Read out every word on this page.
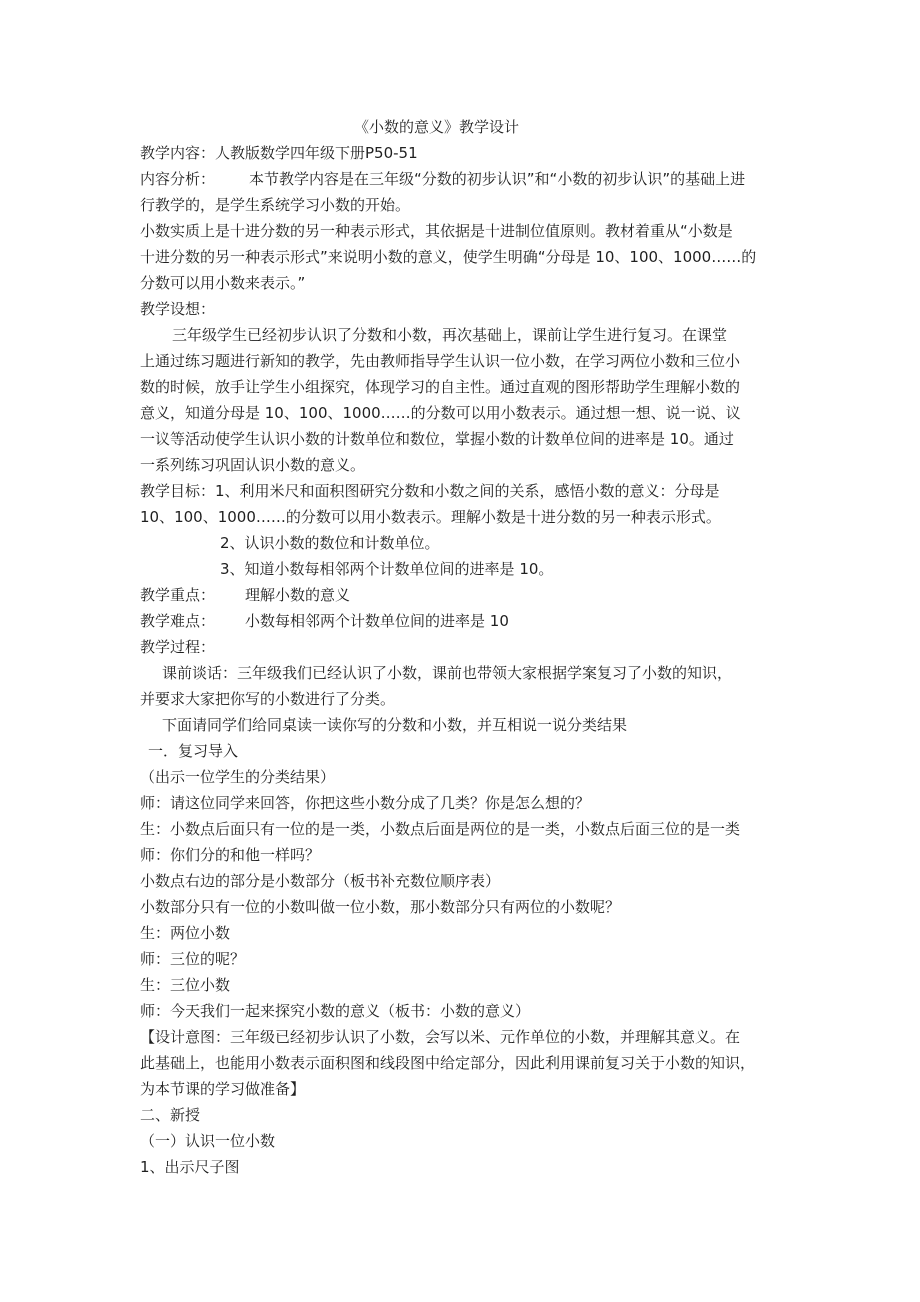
《小数的意义》教学设计
教学内容：人教版数学四年级下册P50-51
内容分析： 本节教学内容是在三年级“分数的初步认识”和“小数的初步认识”的基础上进
行教学的，是学生系统学习小数的开始。
小数实质上是十进分数的另一种表示形式，其依据是十进制位值原则。教材着重从“小数是
十进分数的另一种表示形式”来说明小数的意义，使学生明确“分母是 10、100、1000……的
分数可以用小数来表示。”
教学设想：
三年级学生已经初步认识了分数和小数，再次基础上，课前让学生进行复习。在课堂
上通过练习题进行新知的教学，先由教师指导学生认识一位小数，在学习两位小数和三位小
数的时候，放手让学生小组探究，体现学习的自主性。通过直观的图形帮助学生理解小数的
意义，知道分母是 10、100、1000……的分数可以用小数表示。通过想一想、说一说、议
一议等活动使学生认识小数的计数单位和数位，掌握小数的计数单位间的进率是 10。通过
一系列练习巩固认识小数的意义。
教学目标：1、利用米尺和面积图研究分数和小数之间的关系，感悟小数的意义：分母是
10、100、1000……的分数可以用小数表示。理解小数是十进分数的另一种表示形式。
2、认识小数的数位和计数单位。
3、知道小数每相邻两个计数单位间的进率是 10。
教学重点： 理解小数的意义
教学难点： 小数每相邻两个计数单位间的进率是 10
教学过程：
课前谈话：三年级我们已经认识了小数，课前也带领大家根据学案复习了小数的知识，
并要求大家把你写的小数进行了分类。
下面请同学们给同桌读一读你写的分数和小数，并互相说一说分类结果
一．复习导入
（出示一位学生的分类结果）
师：请这位同学来回答，你把这些小数分成了几类？你是怎么想的？
生：小数点后面只有一位的是一类，小数点后面是两位的是一类，小数点后面三位的是一类
师：你们分的和他一样吗？
小数点右边的部分是小数部分（板书补充数位顺序表）
小数部分只有一位的小数叫做一位小数，那小数部分只有两位的小数呢？
生：两位小数
师：三位的呢？
生：三位小数
师：今天我们一起来探究小数的意义（板书：小数的意义）
【设计意图：三年级已经初步认识了小数，会写以米、元作单位的小数，并理解其意义。在
此基础上，也能用小数表示面积图和线段图中给定部分，因此利用课前复习关于小数的知识，
为本节课的学习做准备】
二、新授
（一）认识一位小数
1、出示尺子图
